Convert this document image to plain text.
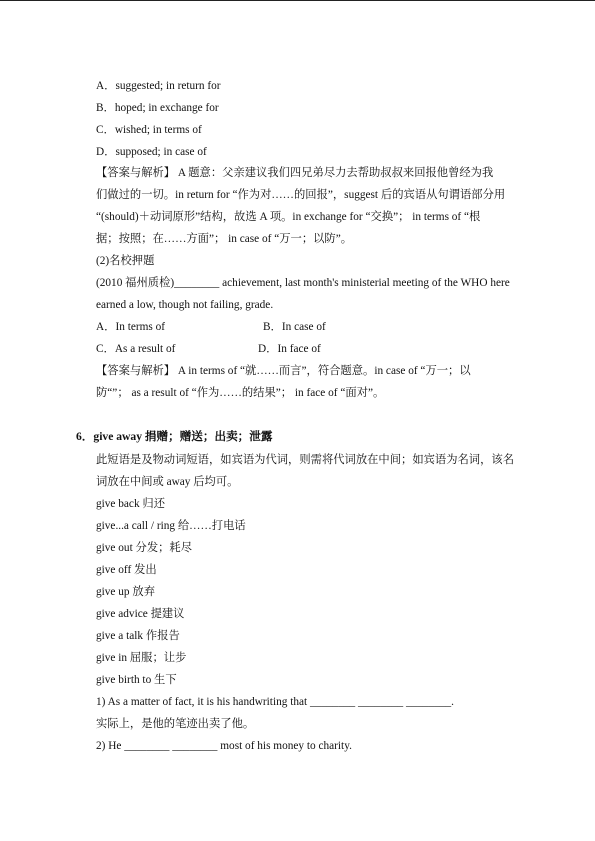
A．suggested; in return for
B．hoped; in exchange for
C．wished; in terms of
D．supposed; in case of
【答案与解析】 A 题意：父亲建议我们四兄弟尽力去帮助叔叔来回报他曾经为我
们做过的一切。in return for “作为对……的回报”，suggest 后的宾语从句谓语部分用
“(should)＋动词原形”结构，故选 A 项。in exchange for “交换”； in terms of “根
据；按照；在……方面”； in case of “万一；以防”。
(2)名校押题
(2010 福州质检)________ achievement, last month's ministerial meeting of the WHO here
earned a low, though not failing, grade.
A．In terms of	B．In case of
C．As a result of	D．In face of
【答案与解析】 A in terms of “就……而言”，符合题意。in case of “万一；以
防“”； as a result of “作为……的结果”； in face of “面对”。
6．give away 捐赠；赠送；出卖；泄露
此短语是及物动词短语，如宾语为代词，则需将代词放在中间；如宾语为名词，该名
词放在中间或 away 后均可。
give back 归还
give...a call / ring 给……打电话
give out 分发；耗尽
give off 发出
give up 放弃
give advice 提建议
give a talk 作报告
give in 屈服；让步
give birth to 生下
1) As a matter of fact, it is his handwriting that ________ ________ ________.
实际上，是他的笔迹出卖了他。
2) He ________ ________ most of his money to charity.
